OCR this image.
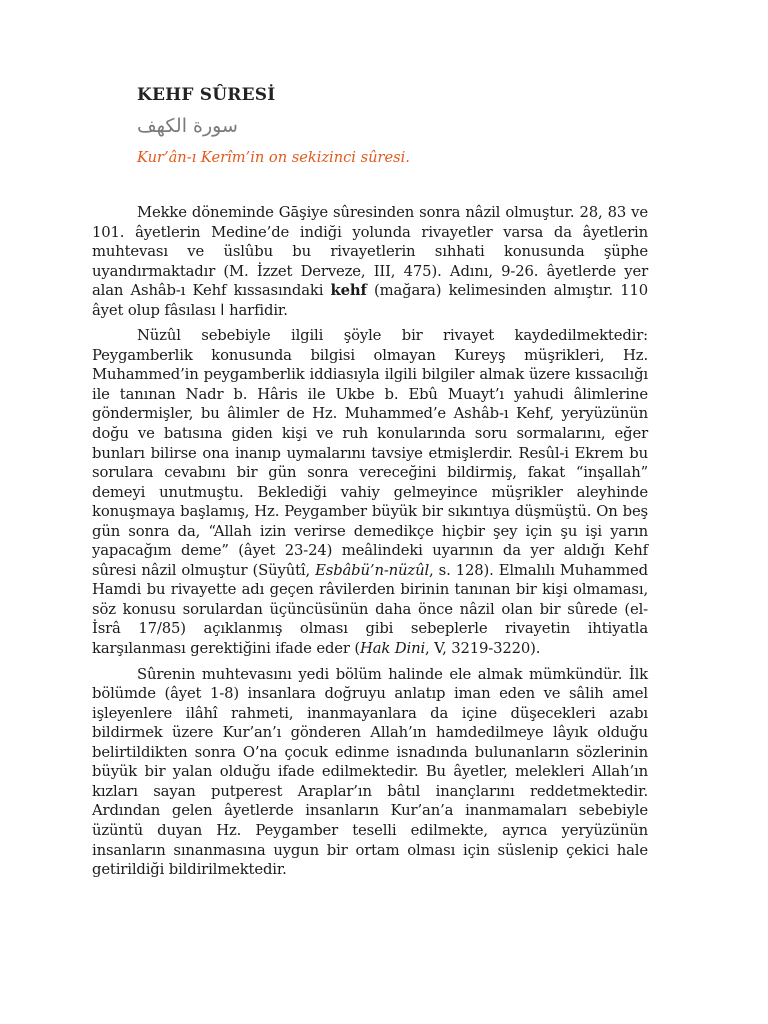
KEHF SÛRESİ
سورة الكهف
Kur’ân-ı Kerîm’in on sekizinci sûresi.

Mekke döneminde Gāşiye sûresinden sonra nâzil olmuştur. 28, 83 ve 101. âyetlerin Medine’de indiği yolunda rivayetler varsa da âyetlerin muhtevası ve üslûbu bu rivayetlerin sıhhati konusunda şüphe uyandırmaktadır (M. İzzet Derveze, III, 475). Adını, 9-26. âyetlerde yer alan Ashâb-ı Kehf kıssasındaki kehf (mağara) kelimesinden almıştır. 110 âyet olup fâsılası ا harfidir.

Nüzûl sebebiyle ilgili şöyle bir rivayet kaydedilmektedir: Peygamberlik konusunda bilgisi olmayan Kureyş müşrikleri, Hz. Muhammed’in peygamberlik iddiasıyla ilgili bilgiler almak üzere kıssacılığı ile tanınan Nadr b. Hâris ile Ukbe b. Ebû Muayt’ı yahudi âlimlerine göndermişler, bu âlimler de Hz. Muhammed’e Ashâb-ı Kehf, yeryüzünün doğu ve batısına giden kişi ve ruh konularında soru sormalarını, eğer bunları bilirse ona inanıp uymalarını tavsiye etmişlerdir. Resûl-i Ekrem bu sorulara cevabını bir gün sonra vereceğini bildirmiş, fakat “inşallah” demeyi unutmuştu. Beklediği vahiy gelmeyince müşrikler aleyhinde konuşmaya başlamış, Hz. Peygamber büyük bir sıkıntıya düşmüştü. On beş gün sonra da, “Allah izin verirse demedikçe hiçbir şey için şu işi yarın yapacağım deme” (âyet 23-24) meâlindeki uyarının da yer aldığı Kehf sûresi nâzil olmuştur (Süyûtî, Esbâbü’n-nüzûl, s. 128). Elmalılı Muhammed Hamdi bu rivayette adı geçen râvilerden birinin tanınan bir kişi olmaması, söz konusu sorulardan üçüncüsünün daha önce nâzil olan bir sûrede (el-İsrâ 17/85) açıklanmış olması gibi sebeplerle rivayetin ihtiyatla karşılanması gerektiğini ifade eder (Hak Dini, V, 3219-3220).

Sûrenin muhtevasını yedi bölüm halinde ele almak mümkündür. İlk bölümde (âyet 1-8) insanlara doğruyu anlatıp iman eden ve sâlih amel işleyenlere ilâhî rahmeti, inanmayanlara da içine düşecekleri azabı bildirmek üzere Kur’an’ı gönderen Allah’ın hamdedilmeye lâyık olduğu belirtildikten sonra O’na çocuk edinme isnadında bulunanların sözlerinin büyük bir yalan olduğu ifade edilmektedir. Bu âyetler, melekleri Allah’ın kızları sayan putperest Araplar’ın bâtıl inançlarını reddetmektedir. Ardından gelen âyetlerde insanların Kur’an’a inanmamaları sebebiyle üzüntü duyan Hz. Peygamber teselli edilmekte, ayrıca yeryüzünün insanların sınanmasına uygun bir ortam olması için süslenip çekici hale getirildiği bildirilmektedir.
